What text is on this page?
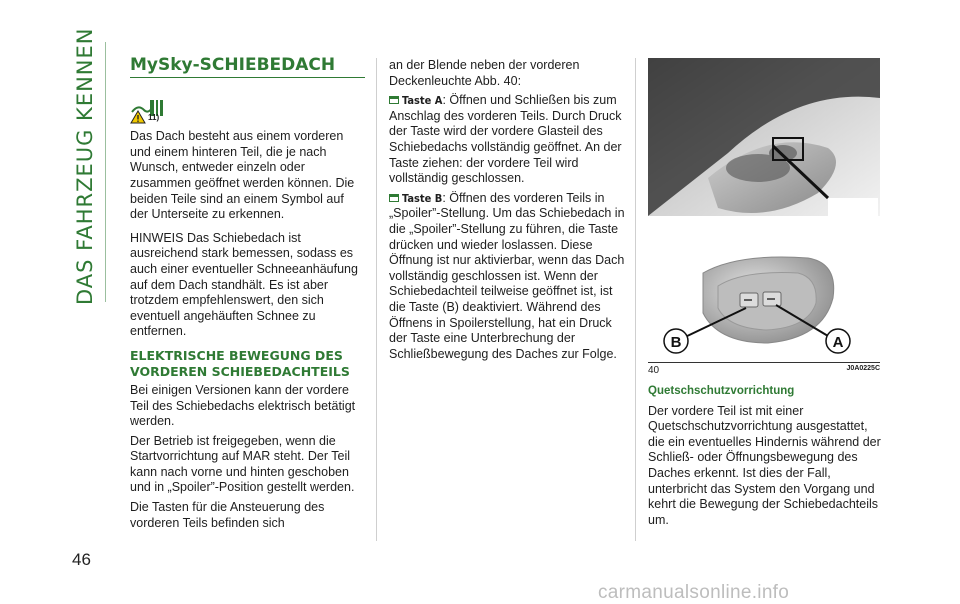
DAS FAHRZEUG KENNEN
46
MySky-SCHIEBEDACH
11)

Das Dach besteht aus einem vorderen und einem hinteren Teil, die je nach Wunsch, entweder einzeln oder zusammen geöffnet werden können. Die beiden Teile sind an einem Symbol auf der Unterseite zu erkennen.

HINWEIS Das Schiebedach ist ausreichend stark bemessen, sodass es auch einer eventueller Schneeanhäufung auf dem Dach standhält. Es ist aber trotzdem empfehlenswert, den sich eventuell angehäuften Schnee zu entfernen.

ELEKTRISCHE BEWEGUNG DES VORDEREN SCHIEBEDACHTEILS

Bei einigen Versionen kann der vordere Teil des Schiebedachs elektrisch betätigt werden.

Der Betrieb ist freigegeben, wenn die Startvorrichtung auf MAR steht. Der Teil kann nach vorne und hinten geschoben und in „Spoiler”-Position gestellt werden.

Die Tasten für die Ansteuerung des vorderen Teils befinden sich

an der Blende neben der vorderen Deckenleuchte Abb. 40:

Taste A: Öffnen und Schließen bis zum Anschlag des vorderen Teils. Durch Druck der Taste wird der vordere Glasteil des Schiebedachs vollständig geöffnet. An der Taste ziehen: der vordere Teil wird vollständig geschlossen.

Taste B: Öffnen des vorderen Teils in „Spoiler”-Stellung. Um das Schiebedach in die „Spoiler”-Stellung zu führen, die Taste drücken und wieder loslassen. Diese Öffnung ist nur aktivierbar, wenn das Dach vollständig geschlossen ist. Wenn der Schiebedachteil teilweise geöffnet ist, ist die Taste (B) deaktiviert. Während des Öffnens in Spoilerstellung, hat ein Druck der Taste eine Unterbrechung der Schließbewegung des Daches zur Folge.

B	A
40	J0A0225C
Quetschschutzvorrichtung

Der vordere Teil ist mit einer Quetschschutzvorrichtung ausgestattet, die ein eventuelles Hindernis während der Schließ- oder Öffnungsbewegung des Daches erkennt. Ist dies der Fall, unterbricht das System den Vorgang und kehrt die Bewegung der Schiebedachteils um.

carmanualsonline.info
